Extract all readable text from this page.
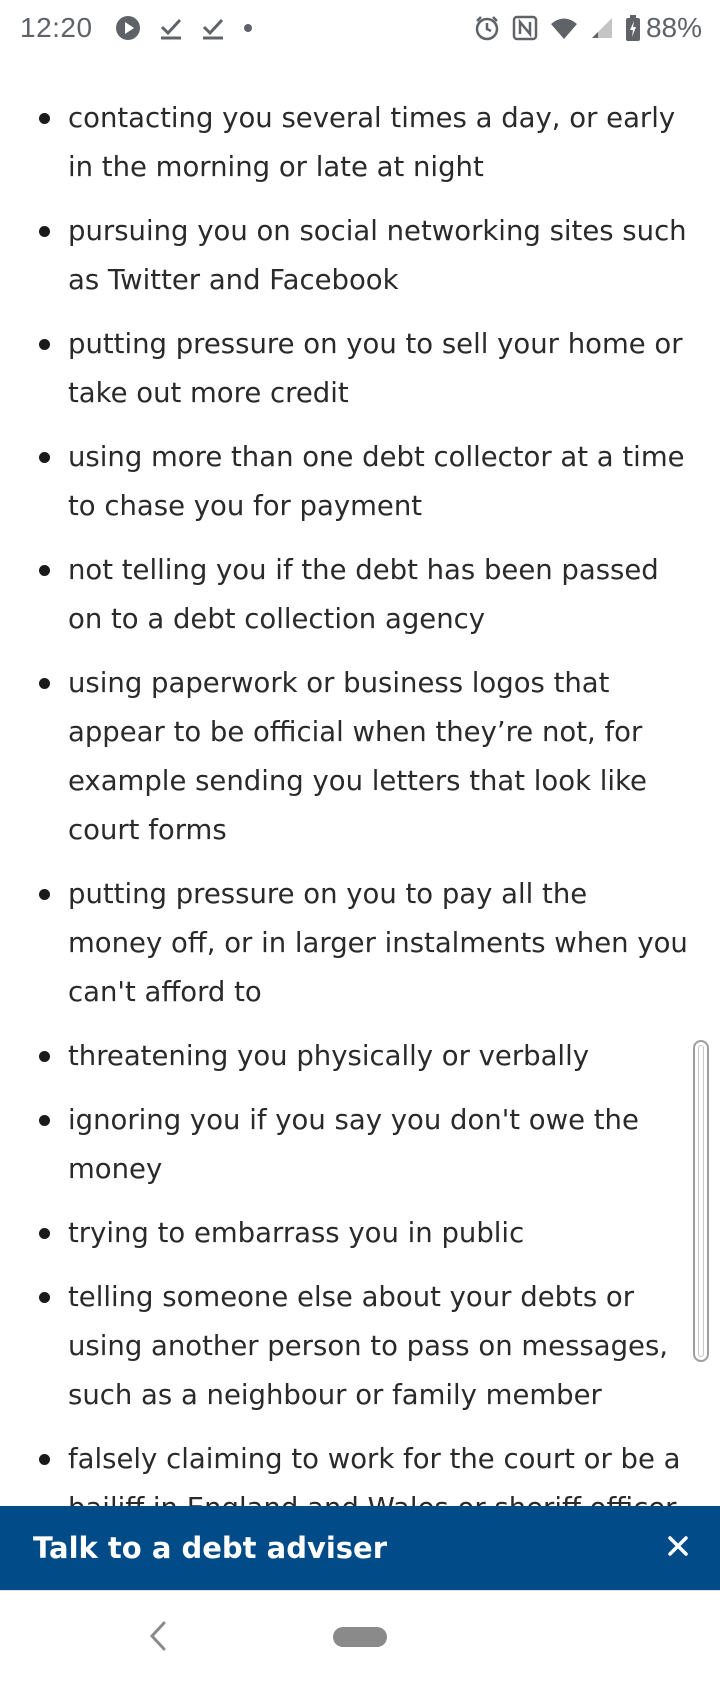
12:20	88%
contacting you several times a day, or early in the morning or late at night
pursuing you on social networking sites such as Twitter and Facebook
putting pressure on you to sell your home or take out more credit
using more than one debt collector at a time to chase you for payment
not telling you if the debt has been passed on to a debt collection agency
using paperwork or business logos that appear to be official when they’re not, for example sending you letters that look like court forms
putting pressure on you to pay all the money off, or in larger instalments when you can't afford to
threatening you physically or verbally
ignoring you if you say you don't owe the money
trying to embarrass you in public
telling someone else about your debts or using another person to pass on messages, such as a neighbour or family member
falsely claiming to work for the court or be a
Talk to a debt adviser
